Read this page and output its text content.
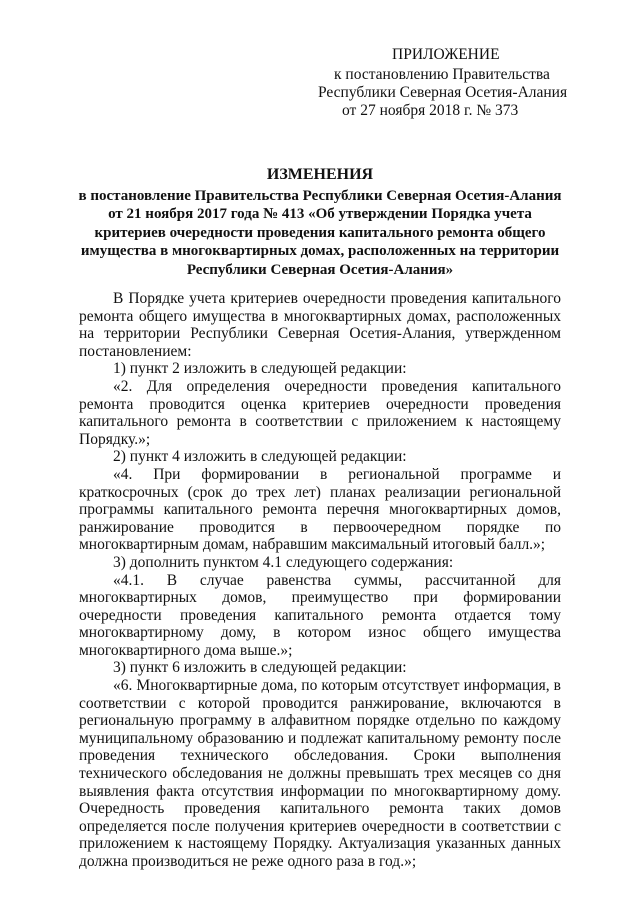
ПРИЛОЖЕНИЕ
к постановлению Правительства
Республики Северная Осетия-Алания
от 27 ноября 2018 г. № 373
ИЗМЕНЕНИЯ
в постановление Правительства Республики Северная Осетия-Алания
от 21 ноября 2017 года № 413 «Об утверждении Порядка учета
критериев очередности проведения капитального ремонта общего
имущества в многоквартирных домах, расположенных на территории
Республики Северная Осетия-Алания»

В Порядке учета критериев очередности проведения капитального ремонта общего имущества в многоквартирных домах, расположенных на территории Республики Северная Осетия-Алания, утвержденном постановлением:

1) пункт 2 изложить в следующей редакции:

«2. Для определения очередности проведения капитального ремонта проводится оценка критериев очередности проведения капитального ремонта в соответствии с приложением к настоящему Порядку.»;

2) пункт 4 изложить в следующей редакции:

«4. При формировании в региональной программе и краткосрочных (срок до трех лет) планах реализации региональной программы капитального ремонта перечня многоквартирных домов, ранжирование проводится в первоочередном порядке по многоквартирным домам, набравшим максимальный итоговый балл.»;

3) дополнить пунктом 4.1 следующего содержания:

«4.1. В случае равенства суммы, рассчитанной для многоквартирных домов, преимущество при формировании очередности проведения капитального ремонта отдается тому многоквартирному дому, в котором износ общего имущества многоквартирного дома выше.»;

3) пункт 6 изложить в следующей редакции:

«6. Многоквартирные дома, по которым отсутствует информация, в соответствии с которой проводится ранжирование, включаются в региональную программу в алфавитном порядке отдельно по каждому муниципальному образованию и подлежат капитальному ремонту после проведения технического обследования. Сроки выполнения технического обследования не должны превышать трех месяцев со дня выявления факта отсутствия информации по многоквартирному дому. Очередность проведения капитального ремонта таких домов определяется после получения критериев очередности в соответствии с приложением к настоящему Порядку. Актуализация указанных данных должна производиться не реже одного раза в год.»;
